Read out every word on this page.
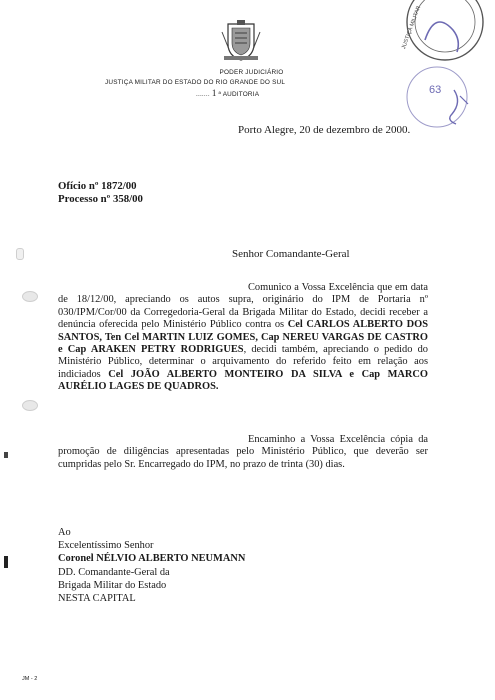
PODER JUDICIÁRIO
JUSTIÇA MILITAR DO ESTADO DO RIO GRANDE DO SUL
....... 1 ª AUDITORIA
JUSTIÇA MILITAR
63
Porto Alegre, 20 de dezembro de 2000.
Ofício nº 1872/00
Processo nº 358/00
Senhor Comandante-Geral
Comunico a Vossa Excelência que em data de 18/12/00, apreciando os autos supra, originário do IPM de Portaria nº 030/IPM/Cor/00 da Corregedoria-Geral da Brigada Militar do Estado, decidi receber a denúncia oferecida pelo Ministério Público contra os Cel CARLOS ALBERTO DOS SANTOS, Ten Cel MARTIN LUIZ GOMES, Cap NEREU VARGAS DE CASTRO e Cap ARAKEN PETRY RODRIGUES, decidi também, apreciando o pedido do Ministério Público, determinar o arquivamento do referido feito em relação aos indiciados Cel JOÃO ALBERTO MONTEIRO DA SILVA e Cap MARCO AURÉLIO LAGES DE QUADROS.
Encaminho a Vossa Excelência cópia da promoção de diligências apresentadas pelo Ministério Público, que deverão ser cumpridas pelo Sr. Encarregado do IPM, no prazo de trinta (30) dias.
Ao
Excelentíssimo Senhor
Coronel NÉLVIO ALBERTO NEUMANN
DD. Comandante-Geral da
Brigada Militar do Estado
NESTA CAPITAL
JM - 2
